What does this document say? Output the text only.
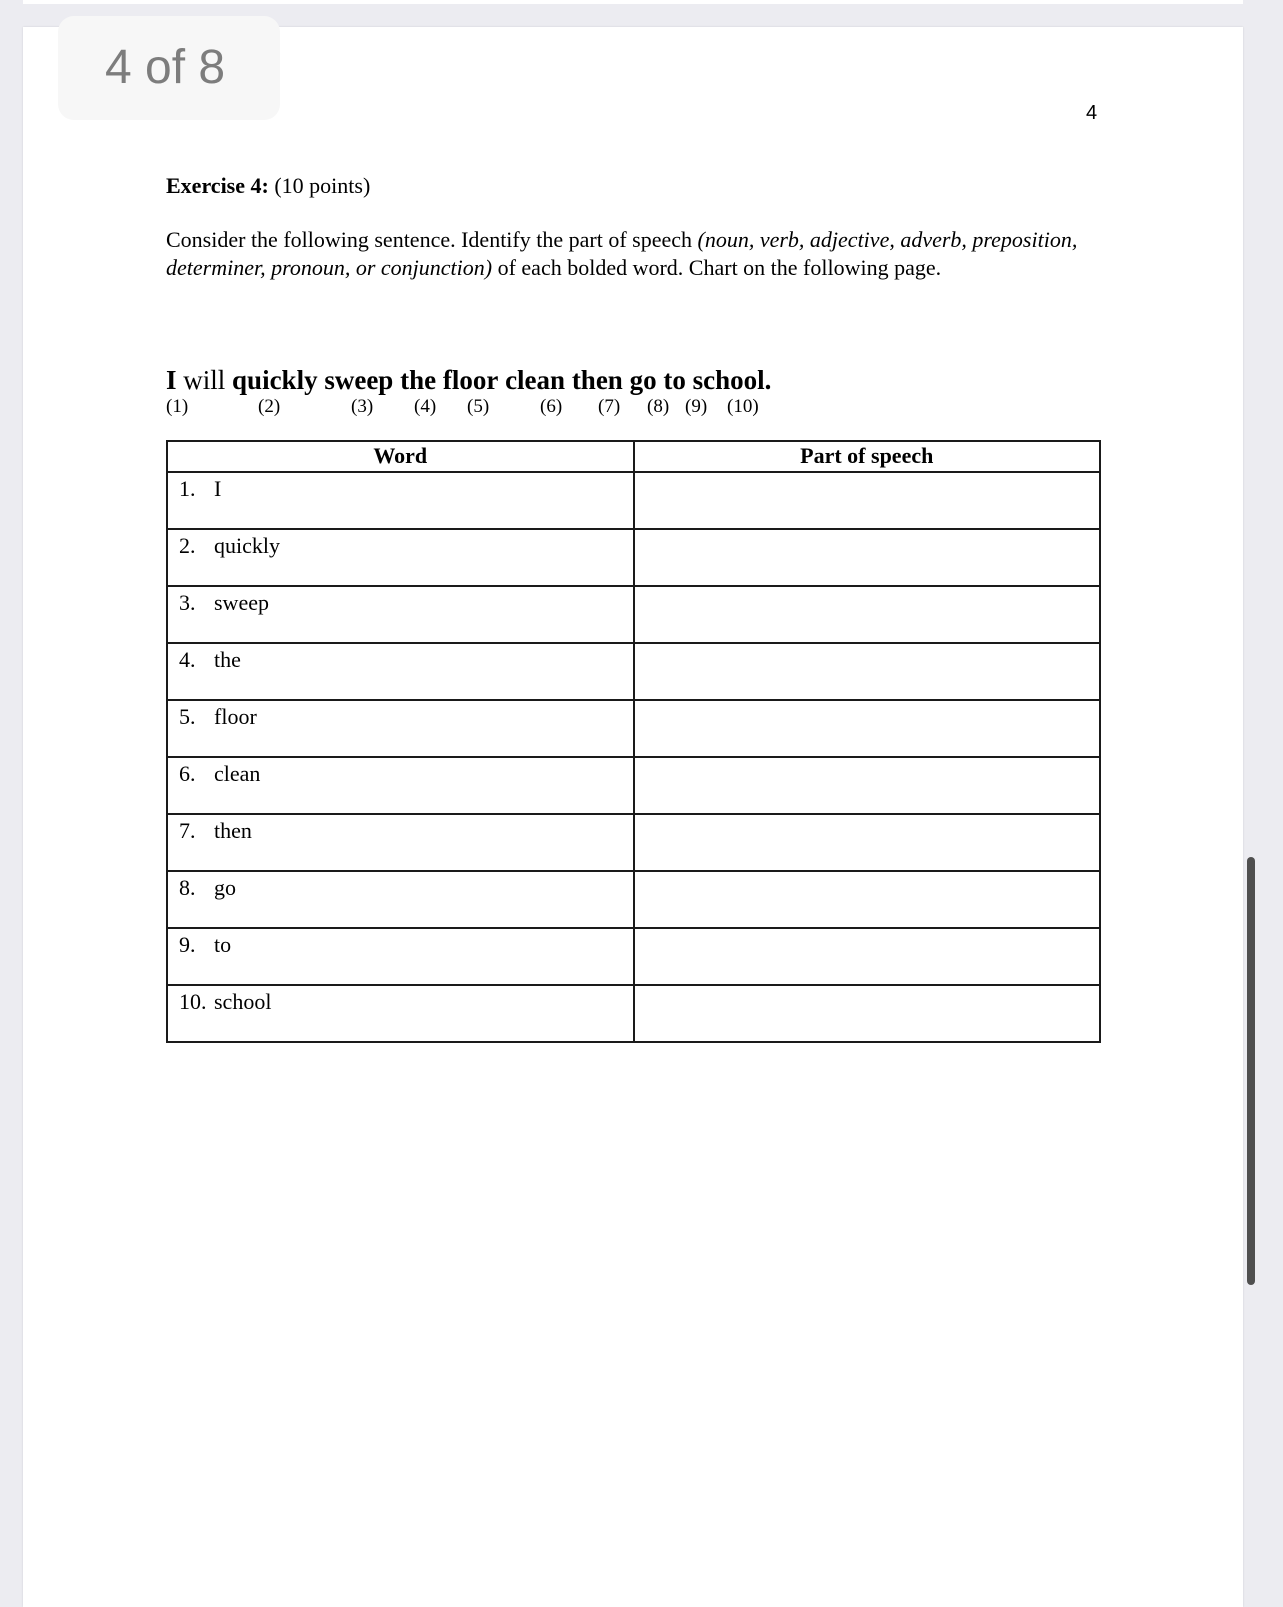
4 of 8
4
Exercise 4: (10 points)
Consider the following sentence. Identify the part of speech (noun, verb, adjective, adverb, preposition, determiner, pronoun, or conjunction) of each bolded word. Chart on the following page.
I will quickly sweep the floor clean then go to school.
(1)	(2)	(3) (4) (5)	(6) (7) (8) (9) (10)
Word	Part of speech
1. I	
2. quickly	
3. sweep	
4. the	
5. floor	
6. clean	
7. then	
8. go	
9. to	
10. school	
